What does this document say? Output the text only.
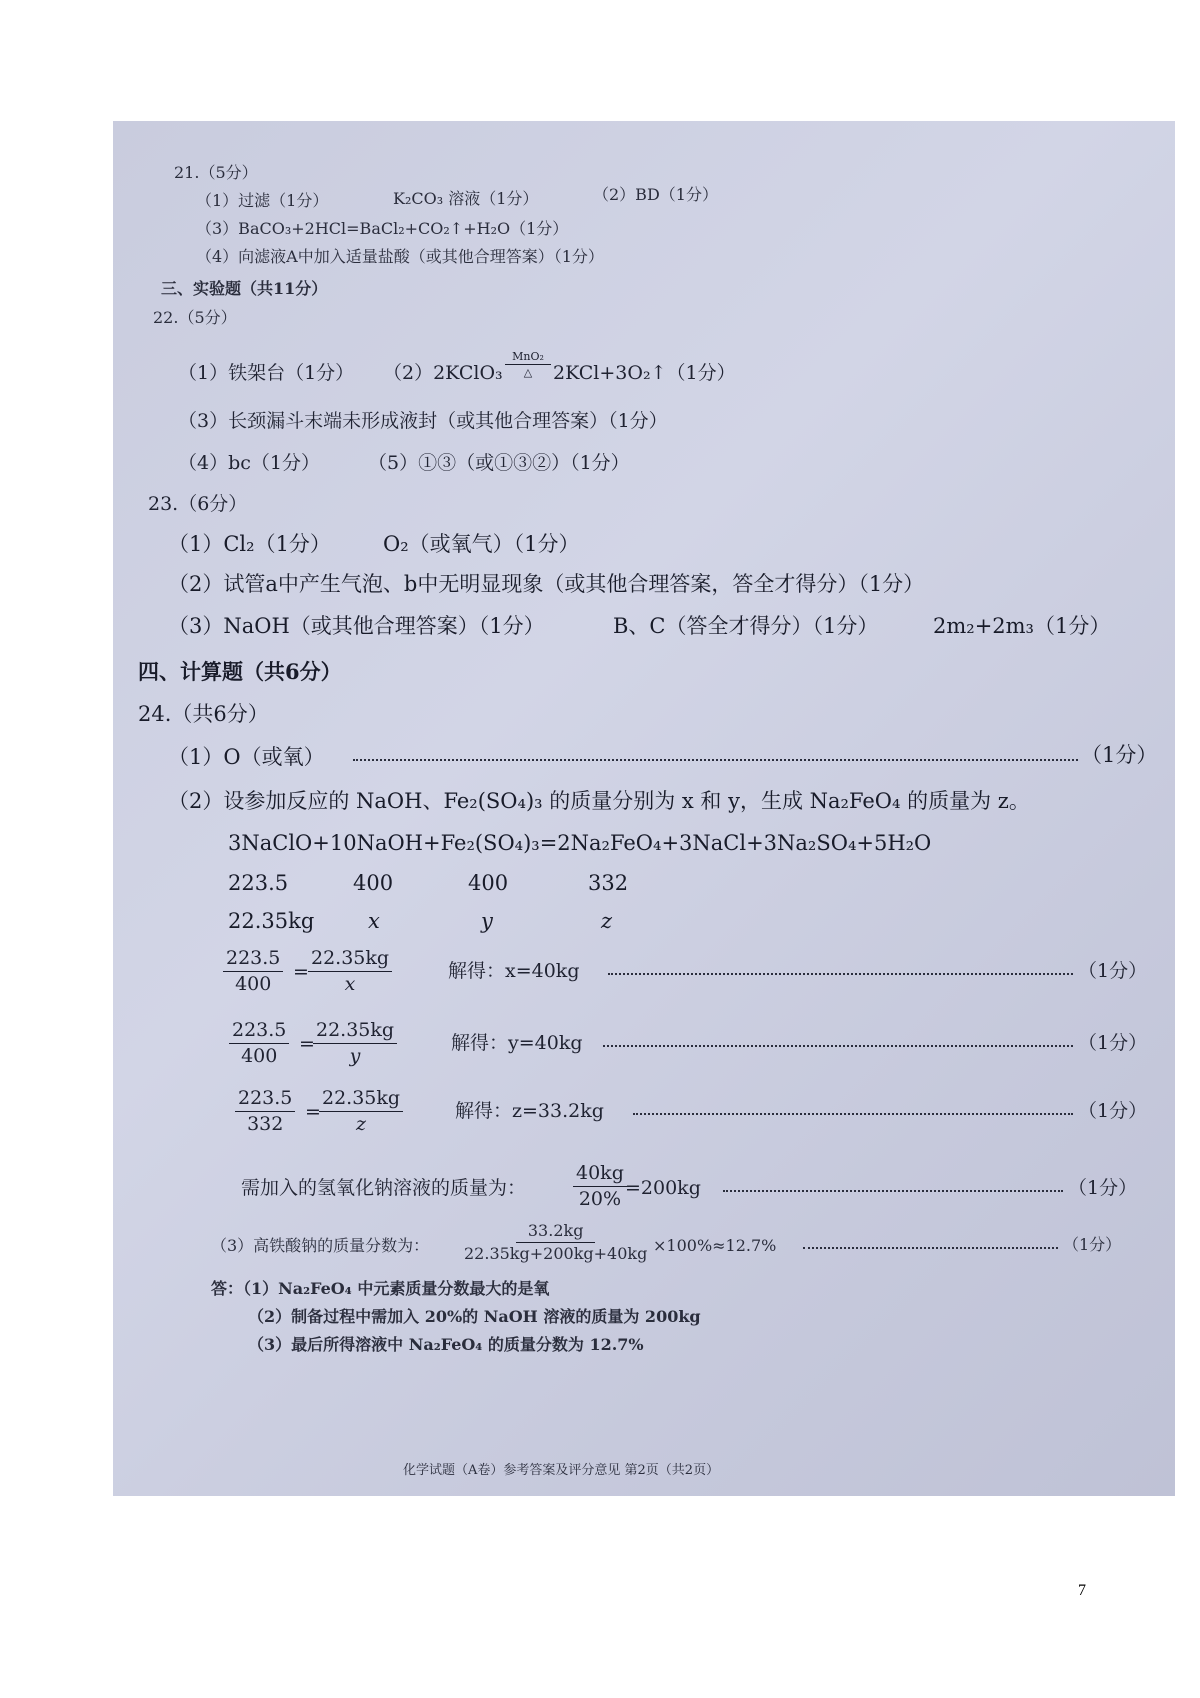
21.（5分）
（1）过滤（1分）	K₂CO₃ 溶液（1分）	（2）BD（1分）
（3）BaCO₃+2HCl=BaCl₂+CO₂↑+H₂O（1分）
（4）向滤液A中加入适量盐酸（或其他合理答案）（1分）
三、实验题（共11分）
22.（5分）
（1）铁架台（1分） （2）2KClO₃
MnO₂
△ 2KCl+3O₂↑（1分）
（3）长颈漏斗末端未形成液封（或其他合理答案）（1分）
（4）bc（1分）	（5）①③（或①③②）（1分）
23.（6分）
（1）Cl₂（1分） O₂（或氧气）（1分）
（2）试管a中产生气泡、b中无明显现象（或其他合理答案，答全才得分）（1分）
（3）NaOH（或其他合理答案）（1分）	B、C（答全才得分）（1分）	2m₂+2m₃（1分）
四、计算题（共6分）
24.（共6分）
（1）O（或氧）	（1分）
（2）设参加反应的 NaOH、Fe₂(SO₄)₃ 的质量分别为 x 和 y，生成 Na₂FeO₄ 的质量为 z。
3NaClO+10NaOH+Fe₂(SO₄)₃=2Na₂FeO₄+3NaCl+3Na₂SO₄+5H₂O
223.5	400	400	332
22.35kg	x	y	z
$\frac{223.5}{400} = \frac{22.35kg}{x}$	解得：x=40kg	（1分）
$\frac{223.5}{400}$ =
$\frac{22.35kg}{y}$	解得：y=40kg	（1分）
$\frac{223.5}{332}$ =
$\frac{22.35kg}{z}$	解得：z=33.2kg	（1分）
需加入的氢氧化钠溶液的质量为： $\frac{40kg}{20\%}$
=200kg	（1分）
（3）高铁酸钠的质量分数为： $\frac{33.2kg}{22.35kg+200kg+40kg} \times 100\%\approx 12.7\%$	（1分）
答：（1）Na₂FeO₄ 中元素质量分数最大的是氧
（2）制备过程中需加入 20%的 NaOH 溶液的质量为 200kg
（3）最后所得溶液中 Na₂FeO₄ 的质量分数为 12.7%
化学试题（A卷）参考答案及评分意见 第2页（共2页）
7
